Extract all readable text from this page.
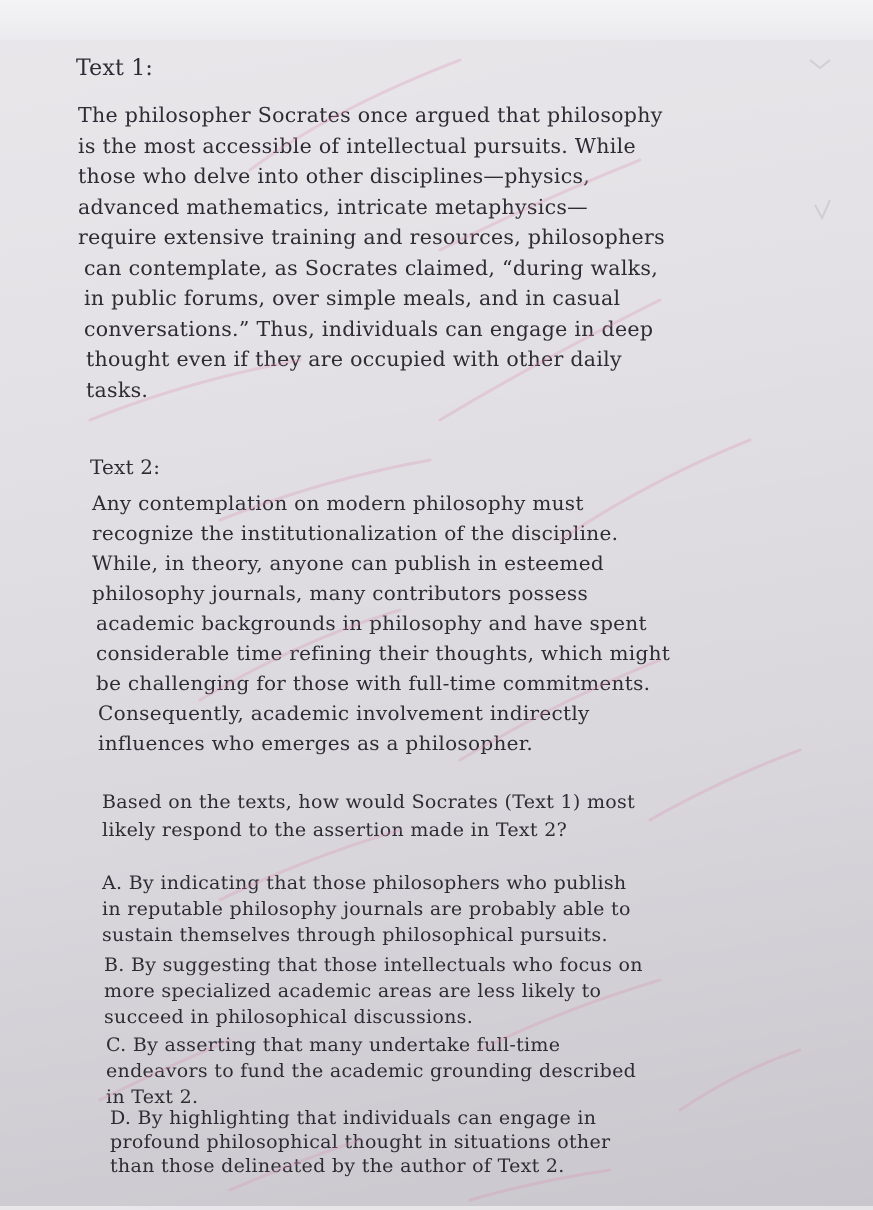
Text 1:
The philosopher Socrates once argued that philosophy
is the most accessible of intellectual pursuits. While
those who delve into other disciplines—physics,
advanced mathematics, intricate metaphysics—
require extensive training and resources, philosophers
can contemplate, as Socrates claimed, “during walks,
in public forums, over simple meals, and in casual
conversations.” Thus, individuals can engage in deep
thought even if they are occupied with other daily
tasks.
Text 2:
Any contemplation on modern philosophy must
recognize the institutionalization of the discipline.
While, in theory, anyone can publish in esteemed
philosophy journals, many contributors possess
academic backgrounds in philosophy and have spent
considerable time refining their thoughts, which might
be challenging for those with full-time commitments.
Consequently, academic involvement indirectly
influences who emerges as a philosopher.
Based on the texts, how would Socrates (Text 1) most
likely respond to the assertion made in Text 2?
A. By indicating that those philosophers who publish
in reputable philosophy journals are probably able to
sustain themselves through philosophical pursuits.
B. By suggesting that those intellectuals who focus on
more specialized academic areas are less likely to
succeed in philosophical discussions.
C. By asserting that many undertake full-time
endeavors to fund the academic grounding described
in Text 2.
D. By highlighting that individuals can engage in
profound philosophical thought in situations other
than those delineated by the author of Text 2.
